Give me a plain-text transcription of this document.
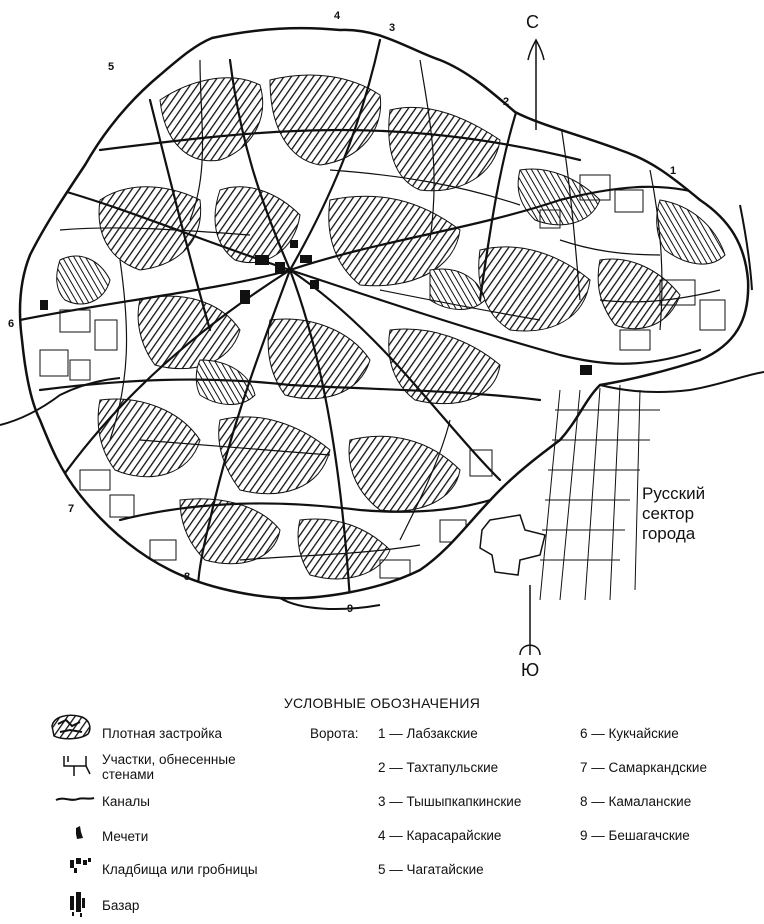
С
Ю
1
2
3
4
5
6
7
8
9
Русский
сектор
города
УСЛОВНЫЕ ОБОЗНАЧЕНИЯ
Плотная застройка
Участки, обнесенные
стенами
Каналы
Мечети
Кладбища или гробницы
Базар
Ворота: 1 — Лабзакские
2 — Тахтапульские
3 — Тышыпкапкинские
4 — Карасарайские
5 — Чагатайские
6 — Кукчайские
7 — Самаркандские
8 — Камаланские
9 — Бешагачские
